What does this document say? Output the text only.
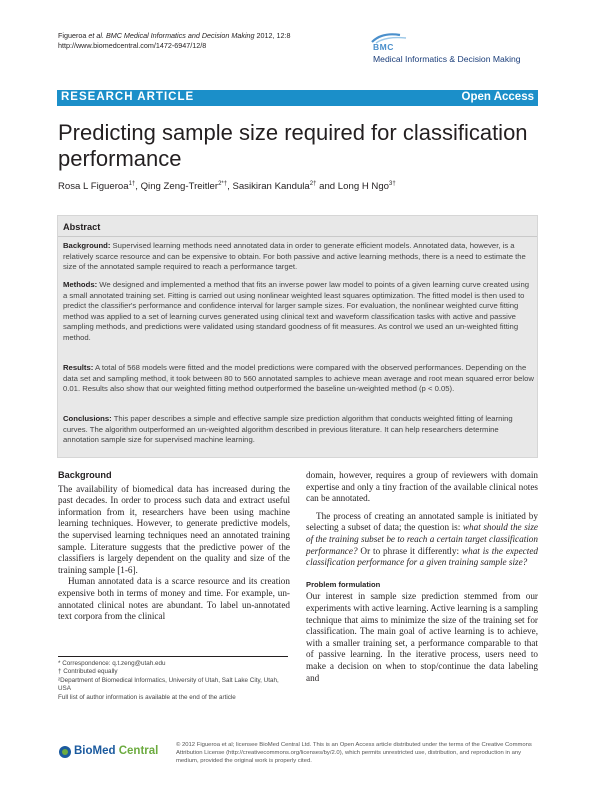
Figueroa et al. BMC Medical Informatics and Decision Making 2012, 12:8
http://www.biomedcentral.com/1472-6947/12/8	BMC
Medical Informatics & Decision Making
RESEARCH ARTICLE	Open Access
Predicting sample size required for classification performance
Rosa L Figueroa$^{1\dagger}$, Qing Zeng-Treitler$^{2*\dagger}$, Sasikiran Kandula$^{2\dagger}$ and Long H Ngo$^{3\dagger}$
Abstract
Background: Supervised learning methods need annotated data in order to generate efficient models. Annotated data, however, is a relatively scarce resource and can be expensive to obtain. For both passive and active learning methods, there is a need to estimate the size of the annotated sample required to reach a performance target.
Methods: We designed and implemented a method that fits an inverse power law model to points of a given learning curve created using a small annotated training set. Fitting is carried out using nonlinear weighted least squares optimization. The fitted model is then used to predict the classifier's performance and confidence interval for larger sample sizes. For evaluation, the nonlinear weighted curve fitting method was applied to a set of learning curves generated using clinical text and waveform classification tasks with active and passive sampling methods, and predictions were validated using standard goodness of fit measures. As control we used an un-weighted fitting method.
Results: A total of 568 models were fitted and the model predictions were compared with the observed performances. Depending on the data set and sampling method, it took between 80 to 560 annotated samples to achieve mean average and root mean squared error below 0.01. Results also show that our weighted fitting method outperformed the baseline un-weighted method (p < 0.05).
Conclusions: This paper describes a simple and effective sample size prediction algorithm that conducts weighted fitting of learning curves. The algorithm outperformed an un-weighted algorithm described in previous literature. It can help researchers determine annotation sample size for supervised machine learning.
Background

The availability of biomedical data has increased during the past decades. In order to process such data and extract useful information from it, researchers have been using machine learning techniques. However, to generate predictive models, the supervised learning techniques need an annotated training sample. Literature suggests that the predictive power of the classifiers is largely dependent on the quality and size of the training sample [1-6].

Human annotated data is a scarce resource and its creation expensive both in terms of money and time. For example, un-annotated clinical notes are abundant. To label un-annotated text corpora from the clinical

domain, however, requires a group of reviewers with domain expertise and only a tiny fraction of the available clinical notes can be annotated.

The process of creating an annotated sample is initiated by selecting a subset of data; the question is: what should the size of the training subset be to reach a certain target classification performance? Or to phrase it differently: what is the expected classification performance for a given training sample size?

Problem formulation

Our interest in sample size prediction stemmed from our experiments with active learning. Active learning is a sampling technique that aims to minimize the size of the training set for classification. The main goal of active learning is to achieve, with a smaller training set, a performance comparable to that of passive learning. In the iterative process, users need to make a decision on when to stop/continue the data labeling and

* Correspondence: q.t.zeng@utah.edu
† Contributed equally
²Department of Biomedical Informatics, University of Utah, Salt Lake City, Utah, USA
Full list of author information is available at the end of the article
BioMed Central	© 2012 Figueroa et al; licensee BioMed Central Ltd. This is an Open Access article distributed under the terms of the Creative Commons Attribution License (http://creativecommons.org/licenses/by/2.0), which permits unrestricted use, distribution, and reproduction in any medium, provided the original work is properly cited.
